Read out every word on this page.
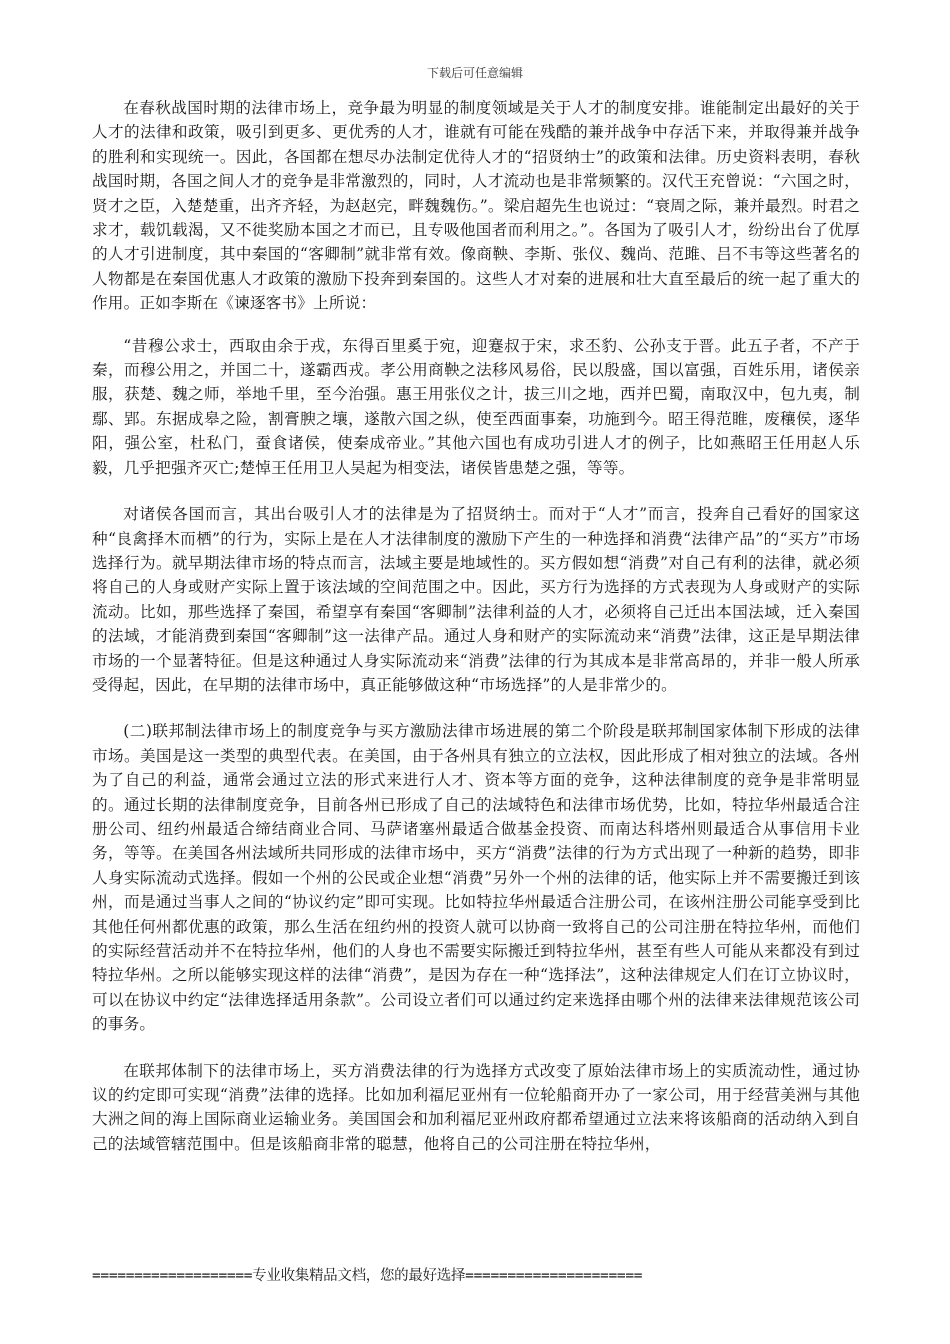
下载后可任意编辑

在春秋战国时期的法律市场上，竞争最为明显的制度领域是关于人才的制度安排。谁能制定出最好的关于人才的法律和政策，吸引到更多、更优秀的人才，谁就有可能在残酷的兼并战争中存活下来，并取得兼并战争的胜利和实现统一。因此，各国都在想尽办法制定优待人才的“招贤纳士”的政策和法律。历史资料表明，春秋战国时期，各国之间人才的竞争是非常激烈的，同时，人才流动也是非常频繁的。汉代王充曾说：“六国之时，贤才之臣，入楚楚重，出齐齐轻，为赵赵完，畔魏魏伤。”。梁启超先生也说过：“衰周之际，兼并最烈。时君之求才，载饥载渴，又不徙奖励本国之才而已，且专吸他国者而利用之。”。各国为了吸引人才，纷纷出台了优厚的人才引进制度，其中秦国的“客卿制”就非常有效。像商鞅、李斯、张仪、魏尚、范雎、吕不韦等这些著名的人物都是在秦国优惠人才政策的激励下投奔到秦国的。这些人才对秦的进展和壮大直至最后的统一起了重大的作用。正如李斯在《谏逐客书》上所说：

“昔穆公求士，西取由余于戎，东得百里奚于宛，迎蹇叔于宋，求丕豹、公孙支于晋。此五子者，不产于秦，而穆公用之，并国二十，遂霸西戎。孝公用商鞅之法移风易俗，民以殷盛，国以富强，百姓乐用，诸侯亲服，获楚、魏之师，举地千里，至今治强。惠王用张仪之计，拔三川之地，西并巴蜀，南取汉中，包九夷，制鄢、郢。东据成皋之险，割膏腴之壤，遂散六国之纵，使至西面事秦，功施到今。昭王得范睢，废穰侯，逐华阳，强公室，杜私门，蚕食诸侯，使秦成帝业。”其他六国也有成功引进人才的例子，比如燕昭王任用赵人乐毅，几乎把强齐灭亡;楚悼王任用卫人吴起为相变法，诸侯皆患楚之强，等等。

对诸侯各国而言，其出台吸引人才的法律是为了招贤纳士。而对于“人才”而言，投奔自己看好的国家这种“良禽择木而栖”的行为，实际上是在人才法律制度的激励下产生的一种选择和消费“法律产品”的“买方”市场选择行为。就早期法律市场的特点而言，法域主要是地域性的。买方假如想“消费”对自己有利的法律，就必须将自己的人身或财产实际上置于该法域的空间范围之中。因此，买方行为选择的方式表现为人身或财产的实际流动。比如，那些选择了秦国，希望享有秦国“客卿制”法律利益的人才，必须将自己迁出本国法域，迁入秦国的法域，才能消费到秦国“客卿制”这一法律产品。通过人身和财产的实际流动来“消费”法律，这正是早期法律市场的一个显著特征。但是这种通过人身实际流动来“消费”法律的行为其成本是非常高昂的，并非一般人所承受得起，因此，在早期的法律市场中，真正能够做这种“市场选择”的人是非常少的。

(二)联邦制法律市场上的制度竞争与买方激励法律市场进展的第二个阶段是联邦制国家体制下形成的法律市场。美国是这一类型的典型代表。在美国，由于各州具有独立的立法权，因此形成了相对独立的法域。各州为了自己的利益，通常会通过立法的形式来进行人才、资本等方面的竞争，这种法律制度的竞争是非常明显的。通过长期的法律制度竞争，目前各州已形成了自己的法域特色和法律市场优势，比如，特拉华州最适合注册公司、纽约州最适合缔结商业合同、马萨诸塞州最适合做基金投资、而南达科塔州则最适合从事信用卡业务，等等。在美国各州法域所共同形成的法律市场中，买方“消费”法律的行为方式出现了一种新的趋势，即非人身实际流动式选择。假如一个州的公民或企业想“消费”另外一个州的法律的话，他实际上并不需要搬迁到该州，而是通过当事人之间的“协议约定”即可实现。比如特拉华州最适合注册公司，在该州注册公司能享受到比其他任何州都优惠的政策，那么生活在纽约州的投资人就可以协商一致将自己的公司注册在特拉华州，而他们的实际经营活动并不在特拉华州，他们的人身也不需要实际搬迁到特拉华州，甚至有些人可能从来都没有到过特拉华州。之所以能够实现这样的法律“消费”，是因为存在一种“选择法”，这种法律规定人们在订立协议时，可以在协议中约定“法律选择适用条款”。公司设立者们可以通过约定来选择由哪个州的法律来法律规范该公司的事务。

在联邦体制下的法律市场上，买方消费法律的行为选择方式改变了原始法律市场上的实质流动性，通过协议的约定即可实现“消费”法律的选择。比如加利福尼亚州有一位轮船商开办了一家公司，用于经营美洲与其他大洲之间的海上国际商业运输业务。美国国会和加利福尼亚州政府都希望通过立法来将该船商的活动纳入到自己的法域管辖范围中。但是该船商非常的聪慧，他将自己的公司注册在特拉华州，

===================专业收集精品文档，您的最好选择=====================
